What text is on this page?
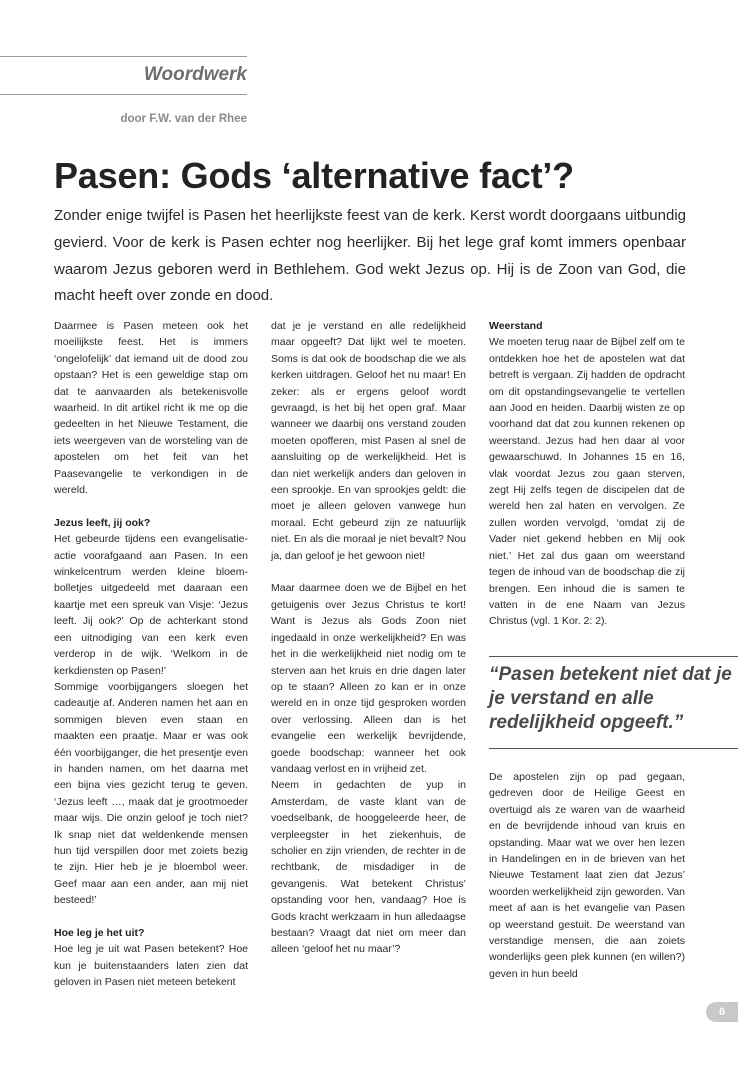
Woordwerk
door F.W. van der Rhee
Pasen: Gods ‘alternative fact’?

Zonder enige twijfel is Pasen het heerlijkste feest van de kerk. Kerst wordt doorgaans uitbundig gevierd. Voor de kerk is Pasen echter nog heerlijker. Bij het lege graf komt immers openbaar waarom Jezus geboren werd in Bethlehem. God wekt Jezus op. Hij is de Zoon van God, die macht heeft over zonde en dood.

Daarmee is Pasen meteen ook het moeilijkste feest. Het is immers ‘ongelofelijk’ dat iemand uit de dood zou opstaan? Het is een geweldige stap om dat te aanvaarden als betekenisvolle waarheid. In dit artikel richt ik me op die gedeelten in het Nieuwe Testament, die iets weergeven van de worsteling van de apostelen om het feit van het Paasevangelie te verkondigen in de wereld.

Jezus leeft, jij ook?

Het gebeurde tijdens een evangelisatie-actie voorafgaand aan Pasen. In een winkelcentrum werden kleine bloem-bolletjes uitgedeeld met daaraan een kaartje met een spreuk van Visje: ‘Jezus leeft. Jij ook?’ Op de achterkant stond een uitnodiging van een kerk even verderop in de wijk. ‘Welkom in de kerkdiensten op Pasen!’

Sommige voorbijgangers sloegen het cadeautje af. Anderen namen het aan en sommigen bleven even staan en maakten een praatje. Maar er was ook één voorbijganger, die het presentje even in handen namen, om het daarna met een bijna vies gezicht terug te geven. ‘Jezus leeft …, maak dat je grootmoeder maar wijs. Die onzin geloof je toch niet? Ik snap niet dat weldenkende mensen hun tijd verspillen door met zoiets bezig te zijn. Hier heb je je bloembol weer. Geef maar aan een ander, aan mij niet besteed!’

Hoe leg je het uit?

Hoe leg je uit wat Pasen betekent? Hoe kun je buitenstaanders laten zien dat geloven in Pasen niet meteen betekent

dat je je verstand en alle redelijkheid maar opgeeft? Dat lijkt wel te moeten. Soms is dat ook de boodschap die we als kerken uitdragen. Geloof het nu maar! En zeker: als er ergens geloof wordt gevraagd, is het bij het open graf. Maar wanneer we daarbij ons verstand zouden moeten opofferen, mist Pasen al snel de aansluiting op de werkelijkheid. Het is dan niet werkelijk anders dan geloven in een sprookje. En van sprookjes geldt: die moet je alleen geloven vanwege hun moraal. Echt gebeurd zijn ze natuurlijk niet. En als die moraal je niet bevalt? Nou ja, dan geloof je het gewoon niet!

Maar daarmee doen we de Bijbel en het getuigenis over Jezus Christus te kort! Want is Jezus als Gods Zoon niet ingedaald in onze werkelijkheid? En was het in die werkelijkheid niet nodig om te sterven aan het kruis en drie dagen later op te staan? Alleen zo kan er in onze wereld en in onze tijd gesproken worden over verlossing. Alleen dan is het evangelie een werkelijk bevrijdende, goede boodschap: wanneer het ook vandaag verlost en in vrijheid zet.

Neem in gedachten de yup in Amsterdam, de vaste klant van de voedselbank, de hooggeleerde heer, de verpleegster in het ziekenhuis, de scholier en zijn vrienden, de rechter in de rechtbank, de misdadiger in de gevangenis. Wat betekent Christus’ opstanding voor hen, vandaag? Hoe is Gods kracht werkzaam in hun alledaagse bestaan? Vraagt dat niet om meer dan alleen ‘geloof het nu maar’?

Weerstand

We moeten terug naar de Bijbel zelf om te ontdekken hoe het de apostelen wat dat betreft is vergaan. Zij hadden de opdracht om dit opstandingsevangelie te vertellen aan Jood en heiden. Daarbij wisten ze op voorhand dat dat zou kunnen rekenen op weerstand. Jezus had hen daar al voor gewaarschuwd. In Johannes 15 en 16, vlak voordat Jezus zou gaan sterven, zegt Hij zelfs tegen de discipelen dat de wereld hen zal haten en vervolgen. Ze zullen worden vervolgd, ‘omdat zij de Vader niet gekend hebben en Mij ook niet.’ Het zal dus gaan om weerstand tegen de inhoud van de boodschap die zij brengen. Een inhoud die is samen te vatten in de ene Naam van Jezus Christus (vgl. 1 Kor. 2: 2).

“Pasen betekent niet dat je je verstand en alle redelijkheid opgeeft.”

De apostelen zijn op pad gegaan, gedreven door de Heilige Geest en overtuigd als ze waren van de waarheid en de bevrijdende inhoud van kruis en opstanding. Maar wat we over hen lezen in Handelingen en in de brieven van het Nieuwe Testament laat zien dat Jezus’ woorden werkelijkheid zijn geworden. Van meet af aan is het evangelie van Pasen op weerstand gestuit. De weerstand van verstandige mensen, die aan zoiets wonderlijks geen plek kunnen (en willen?) geven in hun beeld

6
